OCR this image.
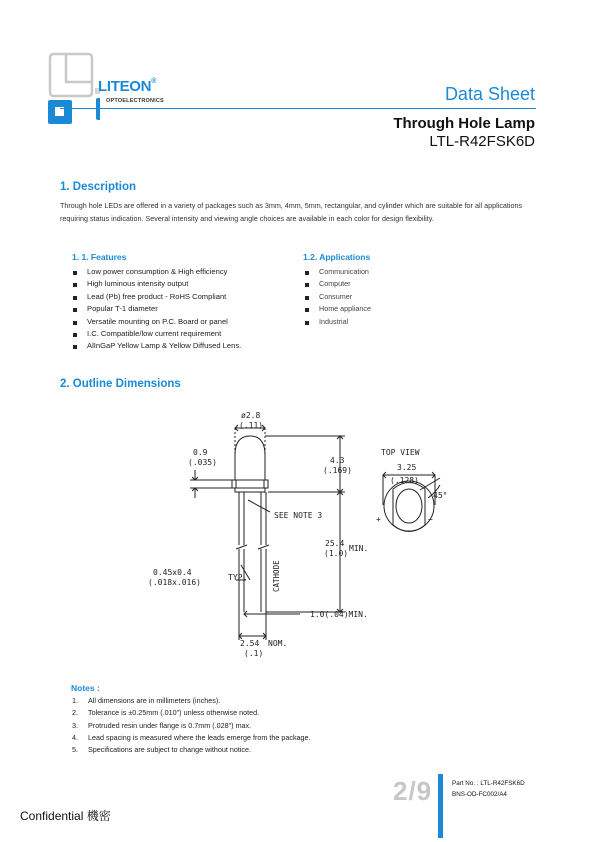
LITEON®
OPTOELECTRONICS	Data Sheet
Through Hole Lamp
LTL-R42FSK6D
1. Description
Through hole LEDs are offered in a variety of packages such as 3mm, 4mm, 5mm, rectangular, and cylinder which are suitable for all applications requiring status indication. Several intensity and viewing angle choices are available in each color for design flexibility.
1. 1. Features
Low power consumption & High efficiency
High luminous intensity output
Lead (Pb) free product - RoHS Compliant
Popular T-1 diameter
Versatile mounting on P.C. Board or panel
I.C. Compatible/low current requirement
AlInGaP Yellow Lamp & Yellow Diffused Lens.
1.2. Applications
Communication
Computer
Consumer
Home appliance
Industrial
2. Outline Dimensions
ø2.8
(.11)
0.9
(.035)	4.3
(.169)
SEE NOTE 3
25.4
(1.0)
MIN.
0.45x0.4
(.018x.016)
TYP.	CATHODE
1.0(.04)MIN.
2.54 NOM.
(.1)
TOP VIEW
3.25
(.128)
45°
+	−
Notes :
1. All dimensions are in millimeters (inches).
2. Tolerance is ±0.25mm (.010") unless otherwise noted.
3. Protruded resin under flange is 0.7mm (.028") max.
4. Lead spacing is measured where the leads emerge from the package.
5. Specifications are subject to change without notice.
2/9	Part No. : LTL-R42FSK6D
BNS-OD-FC002/A4
Confidential 機密
